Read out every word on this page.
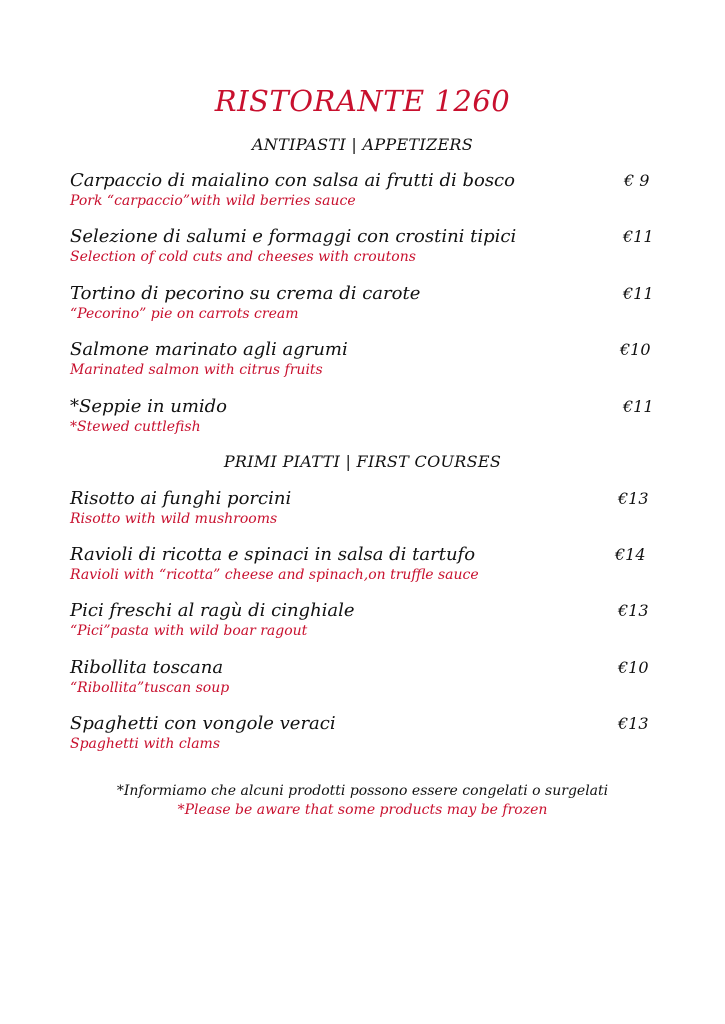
RISTORANTE 1260
ANTIPASTI | APPETIZERS
Carpaccio di maialino con salsa ai frutti di bosco	€ 9
Pork “carpaccio”with wild berries sauce
Selezione di salumi e formaggi con crostini tipici	€11
Selection of cold cuts and cheeses with croutons
Tortino di pecorino su crema di carote	€11
“Pecorino” pie on carrots cream
Salmone marinato agli agrumi	€10
Marinated salmon with citrus fruits
*Seppie in umido	€11
*Stewed cuttlefish
PRIMI PIATTI | FIRST COURSES
Risotto ai funghi porcini	€13
Risotto with wild mushrooms
Ravioli di ricotta e spinaci in salsa di tartufo	€14
Ravioli with “ricotta” cheese and spinach,on truffle sauce
Pici freschi al ragù di cinghiale	€13
“Pici”pasta with wild boar ragout
Ribollita toscana	€10
“Ribollita”tuscan soup
Spaghetti con vongole veraci	€13
Spaghetti with clams
*Informiamo che alcuni prodotti possono essere congelati o surgelati
*Please be aware that some products may be frozen
